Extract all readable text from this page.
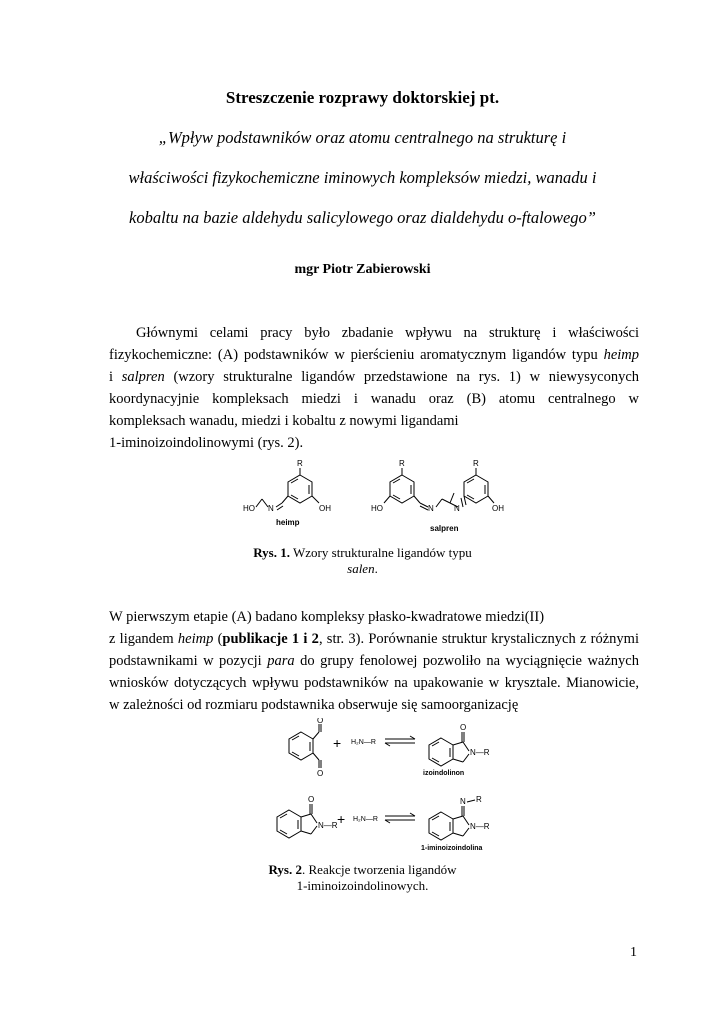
Streszczenie rozprawy doktorskiej pt.
„Wpływ podstawników oraz atomu centralnego na strukturę i
właściwości fizykochemiczne iminowych kompleksów miedzi, wanadu i
kobaltu na bazie aldehydu salicylowego oraz dialdehydu o-ftalowego”
mgr Piotr Zabierowski
Głównymi celami pracy było zbadanie wpływu na strukturę i właściwości
fizykochemiczne: (A) podstawników w pierścieniu aromatycznym ligandów typu heimp
i salpren (wzory strukturalne ligandów przedstawione na rys. 1) w niewysyconych
koordynacyjnie kompleksach miedzi i wanadu oraz (B) atomu centralnego w
kompleksach wanadu, miedzi i kobaltu z nowymi ligandami
1-iminoizoindolinowymi (rys. 2).
R
OH
N
HO
heimp
R	R
HO	N	N	OH
salpren
Rys. 1. Wzory strukturalne ligandów typu
salen.
W pierwszym etapie (A) badano kompleksy płasko-kwadratowe miedzi(II)
z ligandem heimp (publikacje 1 i 2, str. 3). Porównanie struktur krystalicznych z różnymi
podstawnikami w pozycji para do grupy fenolowej pozwoliło na wyciągnięcie ważnych
wniosków dotyczących wpływu podstawników na upakowanie w krysztale. Mianowicie,
w zależności od rozmiaru podstawnika obserwuje się samoorganizację
O
O
+ H₂N—R
O
N—R
izoindolinon
O
N—R + H₂N—R
N R
N—R
1-iminoizoindolina
Rys. 2. Reakcje tworzenia ligandów
1-iminoizoindolinowych.
1
